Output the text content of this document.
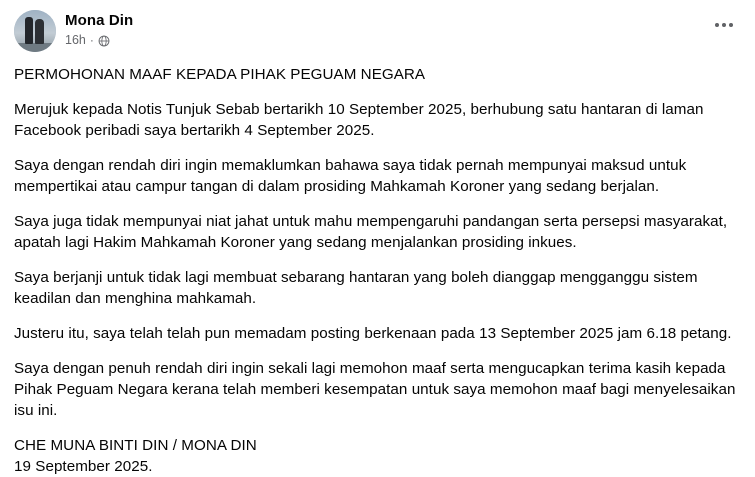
Mona Din
16h ·

PERMOHONAN MAAF KEPADA PIHAK PEGUAM NEGARA

Merujuk kepada Notis Tunjuk Sebab bertarikh 10 September 2025, berhubung satu hantaran di laman Facebook peribadi saya bertarikh 4 September 2025.

Saya dengan rendah diri ingin memaklumkan bahawa saya tidak pernah mempunyai maksud untuk mempertikai atau campur tangan di dalam prosiding Mahkamah Koroner yang sedang berjalan.

Saya juga tidak mempunyai niat jahat untuk mahu mempengaruhi pandangan serta persepsi masyarakat, apatah lagi Hakim Mahkamah Koroner yang sedang menjalankan prosiding inkues.

Saya berjanji untuk tidak lagi membuat sebarang hantaran yang boleh dianggap mengganggu sistem keadilan dan menghina mahkamah.

Justeru itu, saya telah telah pun memadam posting berkenaan pada 13 September 2025 jam 6.18 petang.

Saya dengan penuh rendah diri ingin sekali lagi memohon maaf serta mengucapkan terima kasih kepada Pihak Peguam Negara kerana telah memberi kesempatan untuk saya memohon maaf bagi menyelesaikan isu ini.

CHE MUNA BINTI DIN / MONA DIN

19 September 2025.
